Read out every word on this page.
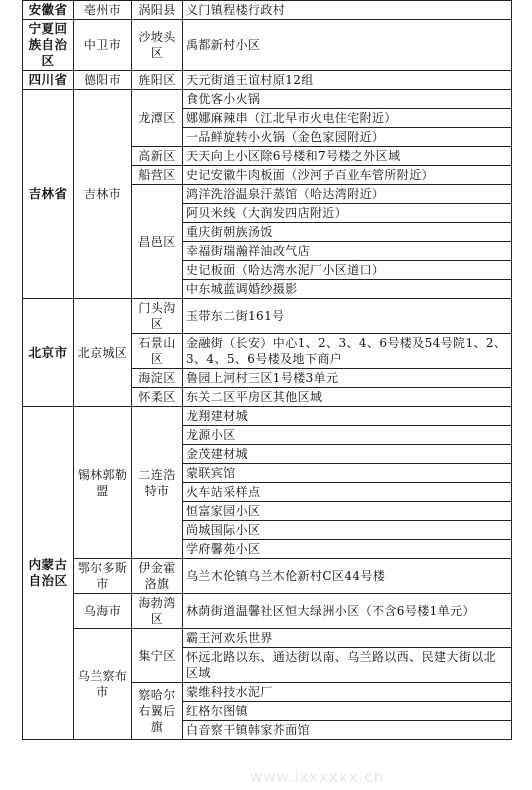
安徽省	亳州市	涡阳县	义门镇程楼行政村
宁夏回族自治区	中卫市	沙坡头区	禹都新村小区
四川省	德阳市	旌阳区	天元街道王谊村原12组
吉林省	吉林市	龙潭区	食优客小火锅
			娜娜麻辣串（江北早市火电住宅附近）
			一品鲜旋转小火锅（金色家园附近）
		高新区	天天向上小区除6号楼和7号楼之外区域
		船营区	史记安徽牛肉板面（沙河子百业车管所附近）
		昌邑区	鸿洋洗浴温泉汗蒸馆（哈达湾附近）
			阿贝米线（大润发四店附近）
			重庆街朝族汤饭
			幸福街瑞瀚祥油改气店
			史记板面（哈达湾水泥厂小区道口）
			中东城蓝调婚纱摄影
北京市	北京城区	门头沟区	玉带东二街161号
		石景山区	金融街（长安）中心1、2、3、4、6号楼及54号院1、2、3、4、5、6号楼及地下商户
		海淀区	鲁园上河村三区1号楼3单元
		怀柔区	东关二区平房区其他区域
内蒙古自治区	锡林郭勒盟	二连浩特市	龙翔建材城
			龙源小区
			金茂建材城
			蒙联宾馆
			火车站采样点
			恒富家园小区
			尚城国际小区
			学府馨苑小区
	鄂尔多斯市	伊金霍洛旗	乌兰木伦镇乌兰木伦新村C区44号楼
	乌海市	海勃湾区	林荫街道温馨社区恒大绿洲小区（不含6号楼1单元）
	乌兰察布市	集宁区	霸王河欢乐世界
			怀远北路以东、通达街以南、乌兰路以西、民建大街以北区域
		察哈尔右翼后旗	蒙维科技水泥厂
			红格尔图镇
			白音察干镇韩家芥面馆
www.ixxxxxx.cn
